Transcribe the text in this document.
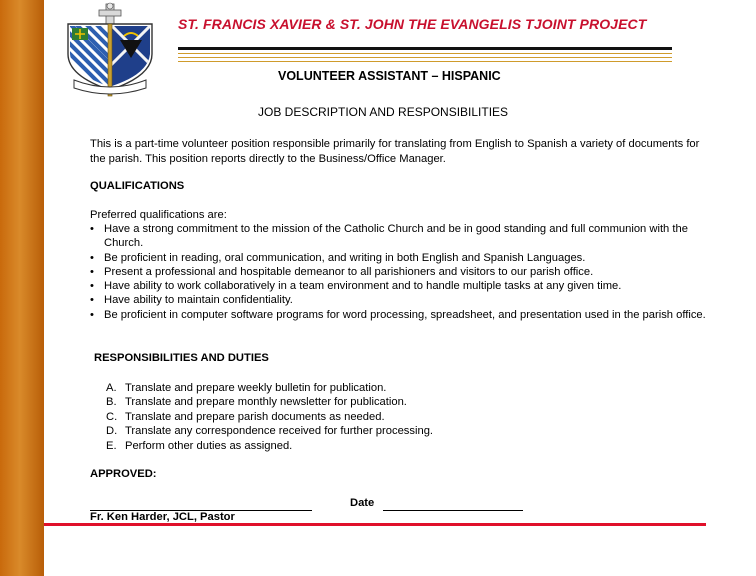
ST. FRANCIS XAVIER & ST. JOHN THE EVANGELIS TJOINT PROJECT
VOLUNTEER ASSISTANT – HISPANIC
JOB DESCRIPTION AND RESPONSIBILITIES

This is a part-time volunteer position responsible primarily for translating from English to Spanish a variety of documents for the parish. This position reports directly to the Business/Office Manager.

QUALIFICATIONS
Preferred qualifications are:
• Have a strong commitment to the mission of the Catholic Church and be in good standing and full communion with the Church.
• Be proficient in reading, oral communication, and writing in both English and Spanish Languages.
• Present a professional and hospitable demeanor to all parishioners and visitors to our parish office.
• Have ability to work collaboratively in a team environment and to handle multiple tasks at any given time.
• Have ability to maintain confidentiality.
• Be proficient in computer software programs for word processing, spreadsheet, and presentation used in the parish office.
RESPONSIBILITIES AND DUTIES
A. Translate and prepare weekly bulletin for publication.
B. Translate and prepare monthly newsletter for publication.
C. Translate and prepare parish documents as needed.
D. Translate any correspondence received for further processing.
E. Perform other duties as assigned.
APPROVED:
Date
Fr. Ken Harder, JCL, Pastor
